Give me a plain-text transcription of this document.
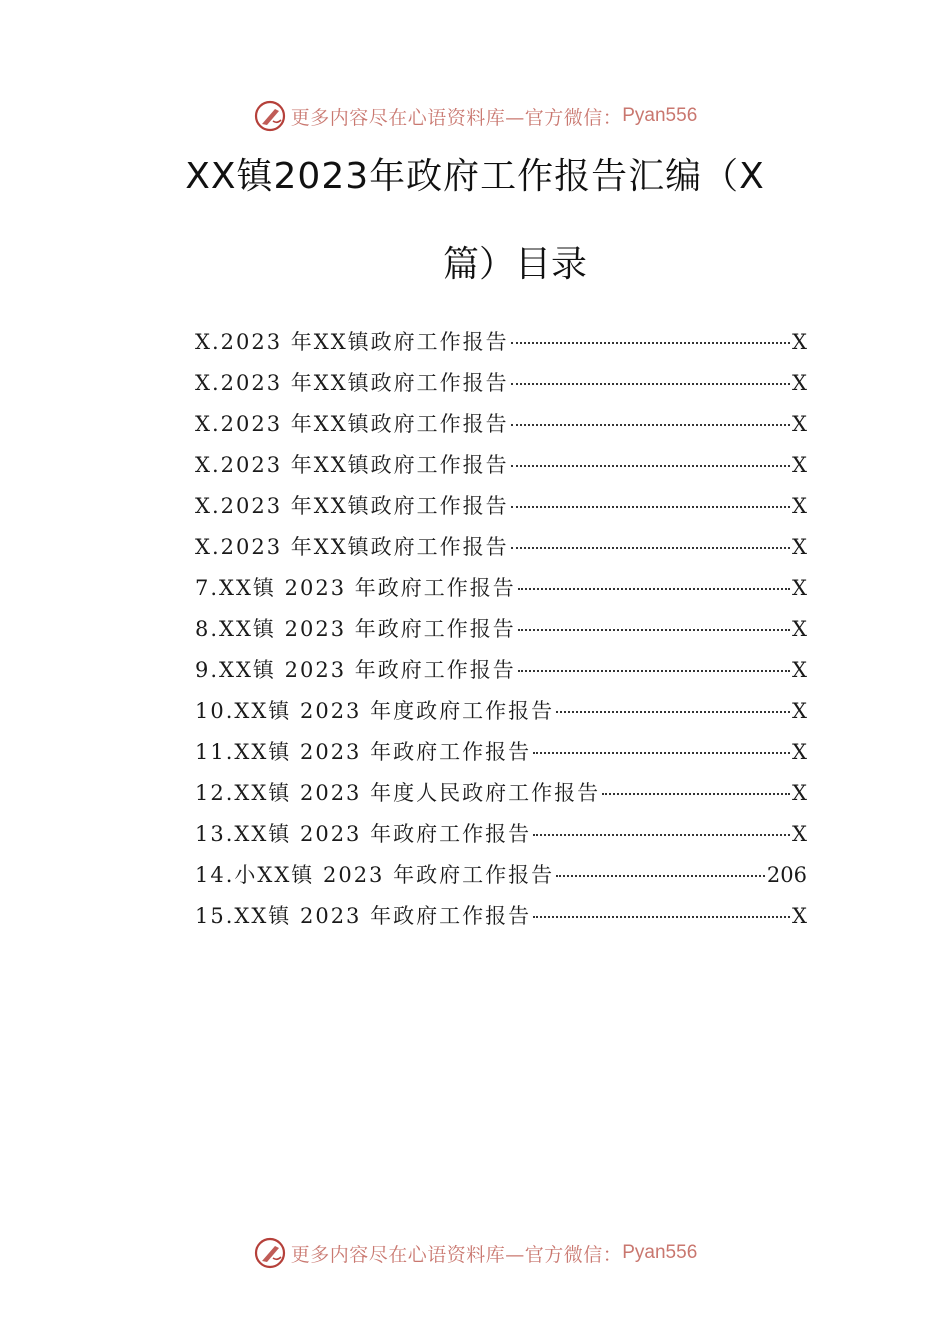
更多内容尽在心语资料库—官方微信： Pyan556
XX镇2023年政府工作报告汇编（X
篇）目录
X.2023 年XX镇政府工作报告	X
X.2023 年XX镇政府工作报告	X
X.2023 年XX镇政府工作报告	X
X.2023 年XX镇政府工作报告	X
X.2023 年XX镇政府工作报告	X
X.2023 年XX镇政府工作报告	X
7.XX镇 2023 年政府工作报告	X
8.XX镇 2023 年政府工作报告	X
9.XX镇 2023 年政府工作报告	X
10.XX镇 2023 年度政府工作报告	X
11.XX镇 2023 年政府工作报告	X
12.XX镇 2023 年度人民政府工作报告	X
13.XX镇 2023 年政府工作报告	X
14.小XX镇 2023 年政府工作报告	206
15.XX镇 2023 年政府工作报告	X
更多内容尽在心语资料库—官方微信： Pyan556
